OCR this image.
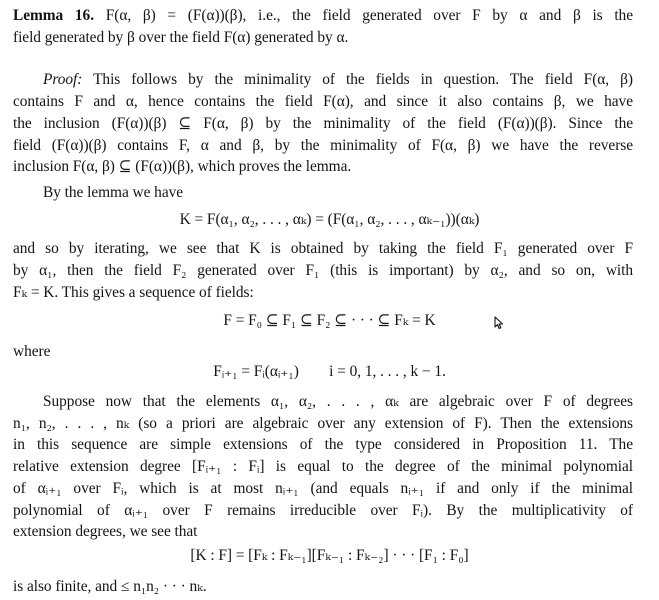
Lemma 16. F(α, β) = (F(α))(β), i.e., the field generated over F by α and β is the
field generated by β over the field F(α) generated by α.
Proof: This follows by the minimality of the fields in question. The field F(α, β)
contains F and α, hence contains the field F(α), and since it also contains β, we have
the inclusion (F(α))(β) ⊆ F(α, β) by the minimality of the field (F(α))(β). Since the
field (F(α))(β) contains F, α and β, by the minimality of F(α, β) we have the reverse
inclusion F(α, β) ⊆ (F(α))(β), which proves the lemma.
By the lemma we have
K = F(α₁, α₂, . . . , αₖ) = (F(α₁, α₂, . . . , αₖ₋₁))(αₖ)
and so by iterating, we see that K is obtained by taking the field F₁ generated over F
by α₁, then the field F₂ generated over F₁ (this is important) by α₂, and so on, with
Fₖ = K. This gives a sequence of fields:
F = F₀ ⊆ F₁ ⊆ F₂ ⊆ · · · ⊆ Fₖ = K
where
Fᵢ₊₁ = Fᵢ(αᵢ₊₁)        i = 0, 1, . . . , k − 1.
Suppose now that the elements α₁, α₂, . . . , αₖ are algebraic over F of degrees
n₁, n₂, . . . , nₖ (so a priori are algebraic over any extension of F). Then the extensions
in this sequence are simple extensions of the type considered in Proposition 11. The
relative extension degree [Fᵢ₊₁ : Fᵢ] is equal to the degree of the minimal polynomial
of αᵢ₊₁ over Fᵢ, which is at most nᵢ₊₁ (and equals nᵢ₊₁ if and only if the minimal
polynomial of αᵢ₊₁ over F remains irreducible over Fᵢ). By the multiplicativity of
extension degrees, we see that
[K : F] = [Fₖ : Fₖ₋₁][Fₖ₋₁ : Fₖ₋₂] · · · [F₁ : F₀]
is also finite, and ≤ n₁n₂ · · · nₖ.
